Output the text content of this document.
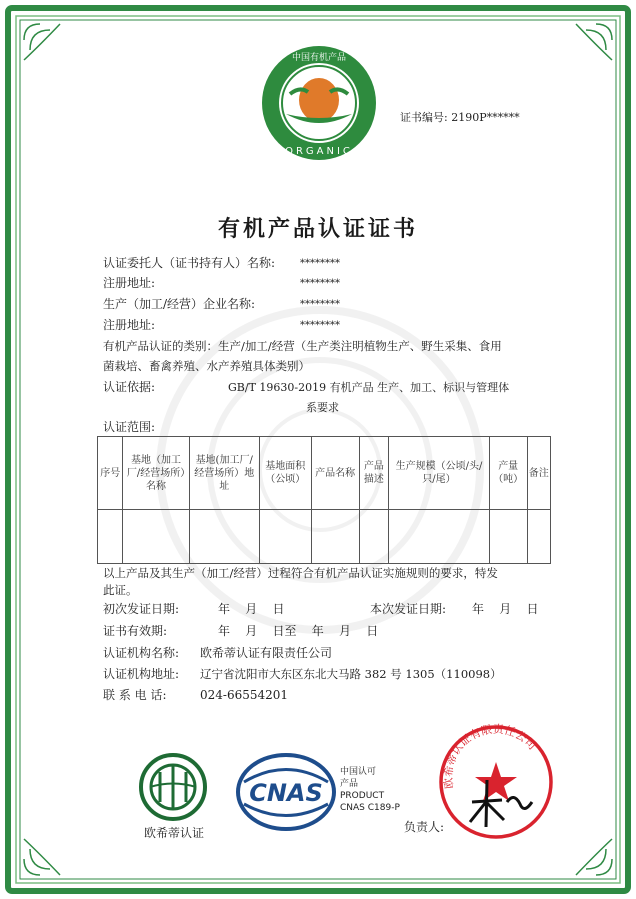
中国有机产品
ORGANIC
证书编号: 2190P******
有机产品认证证书
认证委托人（证书持有人）名称: ********
注册地址:	********
生产（加工/经营）企业名称:	********
注册地址:	********
有机产品认证的类别：生产/加工/经营（生产类注明植物生产、野生采集、食用
菌栽培、畜禽养殖、水产养殖具体类别）
认证依据:	GB/T 19630-2019 有机产品 生产、加工、标识与管理体
系要求
认证范围:
序号	基地（加工厂/经营场所）名称	基地(加工厂/经营场所）地址	基地面积（公顷）	产品名称	产品描述	生产规模（公顷/头/只/尾）	产量（吨）	备注

以上产品及其生产（加工/经营）过程符合有机产品认证实施规则的要求，特发
此证。
初次发证日期:	年    月    日	本次发证日期: 年    月    日
证书有效期:	年    月    日至    年    月    日
认证机构名称: 欧希蒂认证有限责任公司
认证机构地址: 辽宁省沈阳市大东区东北大马路 382 号 1305（110098）
联 系 电 话:	024-66554201
欧希蒂认证
CNAS
中国认可
产品
PRODUCT
CNAS C189-P
欧希蒂认证有限责任公司
负责人:
